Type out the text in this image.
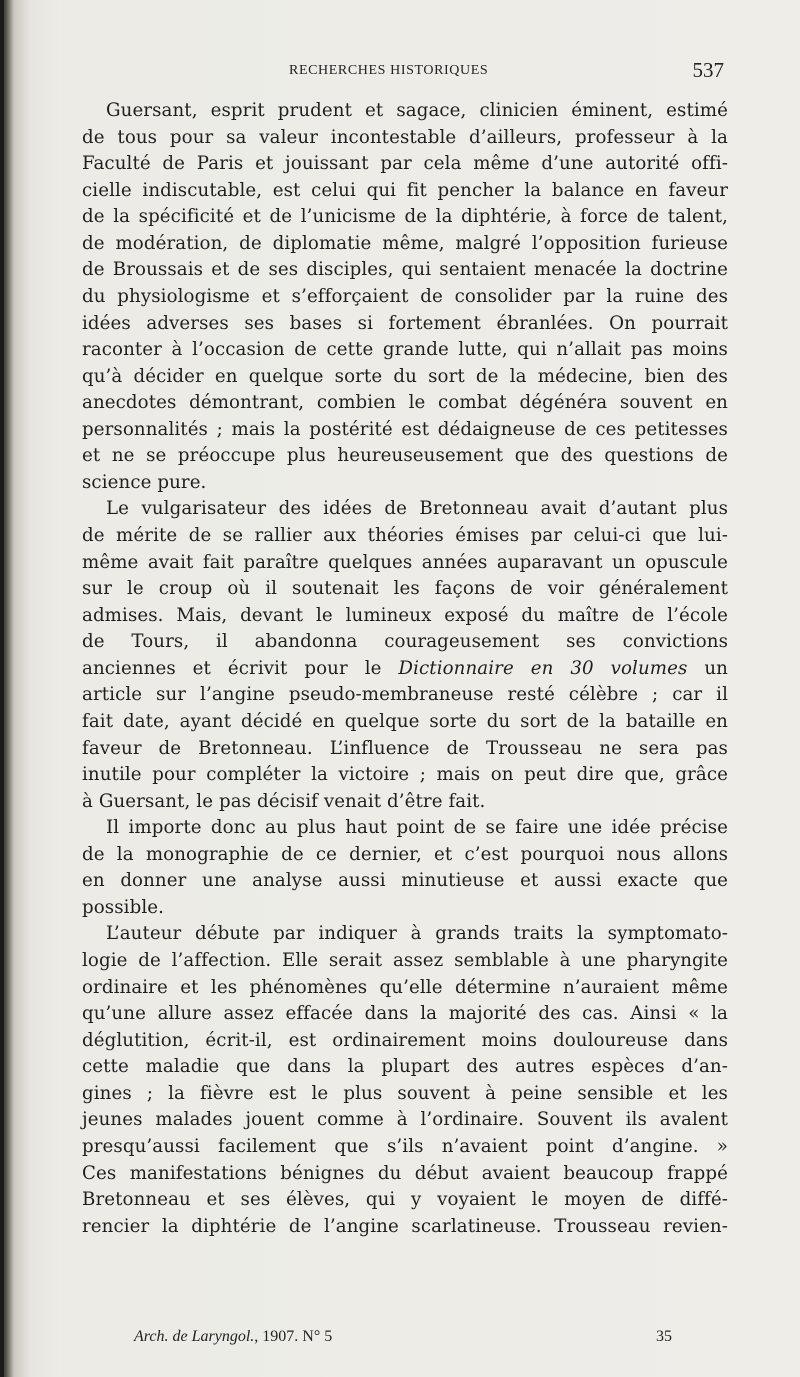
RECHERCHES HISTORIQUES	537
Guersant, esprit prudent et sagace, clinicien éminent, estimé
de tous pour sa valeur incontestable d’ailleurs, professeur à la
Faculté de Paris et jouissant par cela même d’une autorité offi-
cielle indiscutable, est celui qui fit pencher la balance en faveur
de la spécificité et de l’unicisme de la diphtérie, à force de talent,
de modération, de diplomatie même, malgré l’opposition furieuse
de Broussais et de ses disciples, qui sentaient menacée la doctrine
du physiologisme et s’efforçaient de consolider par la ruine des
idées adverses ses bases si fortement ébranlées. On pourrait
raconter à l’occasion de cette grande lutte, qui n’allait pas moins
qu’à décider en quelque sorte du sort de la médecine, bien des
anecdotes démontrant, combien le combat dégénéra souvent en
personnalités ; mais la postérité est dédaigneuse de ces petitesses
et ne se préoccupe plus heureuseusement que des questions de
science pure.
Le vulgarisateur des idées de Bretonneau avait d’autant plus
de mérite de se rallier aux théories émises par celui-ci que lui-
même avait fait paraître quelques années auparavant un opuscule
sur le croup où il soutenait les façons de voir généralement
admises. Mais, devant le lumineux exposé du maître de l’école
de Tours, il abandonna courageusement ses convictions
anciennes et écrivit pour le Dictionnaire en 30 volumes un
article sur l’angine pseudo-membraneuse resté célèbre ; car il
fait date, ayant décidé en quelque sorte du sort de la bataille en
faveur de Bretonneau. L’influence de Trousseau ne sera pas
inutile pour compléter la victoire ; mais on peut dire que, grâce
à Guersant, le pas décisif venait d’être fait.
Il importe donc au plus haut point de se faire une idée précise
de la monographie de ce dernier, et c’est pourquoi nous allons
en donner une analyse aussi minutieuse et aussi exacte que
possible.
L’auteur débute par indiquer à grands traits la symptomato-
logie de l’affection. Elle serait assez semblable à une pharyngite
ordinaire et les phénomènes qu’elle détermine n’auraient même
qu’une allure assez effacée dans la majorité des cas. Ainsi « la
déglutition, écrit-il, est ordinairement moins douloureuse dans
cette maladie que dans la plupart des autres espèces d’an-
gines ; la fièvre est le plus souvent à peine sensible et les
jeunes malades jouent comme à l’ordinaire. Souvent ils avalent
presqu’aussi facilement que s’ils n’avaient point d’angine. »
Ces manifestations bénignes du début avaient beaucoup frappé
Bretonneau et ses élèves, qui y voyaient le moyen de diffé-
rencier la diphtérie de l’angine scarlatineuse. Trousseau revien-
Arch. de Laryngol., 1907. N° 5	35
